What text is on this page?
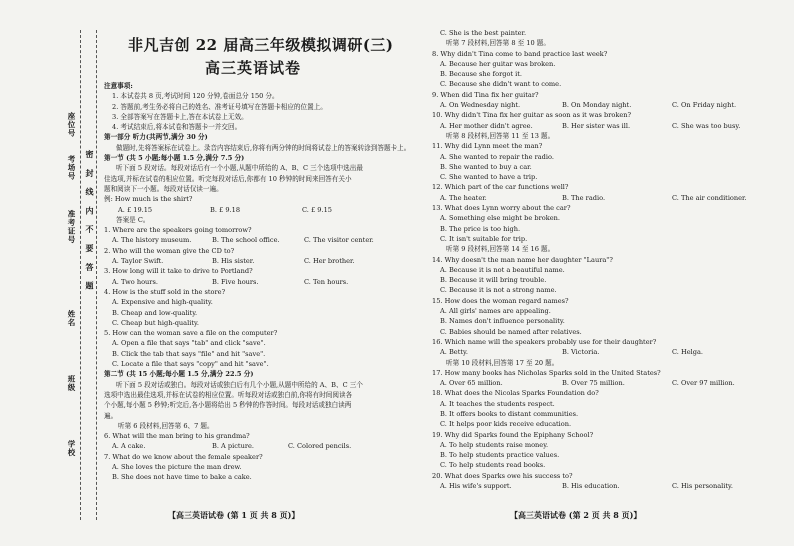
座位号
考场号
准考证号
姓名
班级
学校
密 封 线 内 不 要 答 题
非凡吉创 22 届高三年级模拟调研(三)
高三英语试卷
注意事项:
1. 本试卷共 8 页,考试时间 120 分钟,卷面总分 150 分。
2. 答题前,考生务必将自己的姓名、准考证号填写在答题卡相应的位置上。
3. 全部答案写在答题卡上,答在本试卷上无效。
4. 考试结束后,将本试卷和答题卡一并交回。
第一部分 听力(共两节,满分 30 分)
做题时,先将答案标在试卷上。录音内容结束后,你将有两分钟的时间将试卷上的答案转涂到答题卡上。
第一节 (共 5 小题;每小题 1.5 分,满分 7.5 分)
听下面 5 段对话。每段对话后有一个小题,从题中所给的 A、B、C 三个选项中选出最
佳选项,并标在试卷的相应位置。听完每段对话后,你都有 10 秒钟的时间来回答有关小
题和阅读下一小题。每段对话仅读一遍。
例: How much is the shirt?
A. £ 19.15	B. £ 9.18	C. £ 9.15
答案是 C。
1. Where are the speakers going tomorrow?
A. The history museum.	B. The school office.	C. The visitor center.
2. Who will the woman give the CD to?
A. Taylor Swift.	B. His sister.	C. Her brother.
3. How long will it take to drive to Portland?
A. Two hours.	B. Five hours.	C. Ten hours.
4. How is the stuff sold in the store?
A. Expensive and high-quality.
B. Cheap and low-quality.
C. Cheap but high-quality.
5. How can the woman save a file on the computer?
A. Open a file that says "tab" and click "save".
B. Click the tab that says "file" and hit "save".
C. Locate a file that says "copy" and hit "save".
第二节 (共 15 小题;每小题 1.5 分,满分 22.5 分)
听下面 5 段对话或独白。每段对话或独白后有几个小题,从题中所给的 A、B、C 三个
选项中选出最佳选项,并标在试卷的相应位置。听每段对话或独白前,你将有时间阅读各
个小题,每小题 5 秒钟;听完后,各小题将给出 5 秒钟的作答时间。每段对话或独白读两
遍。
听第 6 段材料,回答第 6、7 题。
6. What will the man bring to his grandma?
A. A cake.	B. A picture.	C. Colored pencils.
7. What do we know about the female speaker?
A. She loves the picture the man drew.
B. She does not have time to bake a cake.
C. She is the best painter.
听第 7 段材料,回答第 8 至 10 题。
8. Why didn't Tina come to band practice last week?
A. Because her guitar was broken.
B. Because she forgot it.
C. Because she didn't want to come.
9. When did Tina fix her guitar?
A. On Wednesday night.	B. On Monday night.	C. On Friday night.
10. Why didn't Tina fix her guitar as soon as it was broken?
A. Her mother didn't agree.	B. Her sister was ill.	C. She was too busy.
听第 8 段材料,回答第 11 至 13 题。
11. Why did Lynn meet the man?
A. She wanted to repair the radio.
B. She wanted to buy a car.
C. She wanted to have a trip.
12. Which part of the car functions well?
A. The heater.	B. The radio.	C. The air conditioner.
13. What does Lynn worry about the car?
A. Something else might be broken.
B. The price is too high.
C. It isn't suitable for trip.
听第 9 段材料,回答第 14 至 16 题。
14. Why doesn't the man name her daughter "Laura"?
A. Because it is not a beautiful name.
B. Because it will bring trouble.
C. Because it is not a strong name.
15. How does the woman regard names?
A. All girls' names are appealing.
B. Names don't influence personality.
C. Babies should be named after relatives.
16. Which name will the speakers probably use for their daughter?
A. Betty.	B. Victoria.	C. Helga.
听第 10 段材料,回答第 17 至 20 题。
17. How many books has Nicholas Sparks sold in the United States?
A. Over 65 million.	B. Over 75 million.	C. Over 97 million.
18. What does the Nicolas Sparks Foundation do?
A. It teaches the students respect.
B. It offers books to distant communities.
C. It helps poor kids receive education.
19. Why did Sparks found the Epiphany School?
A. To help students raise money.
B. To help students practice values.
C. To help students read books.
20. What does Sparks owe his success to?
A. His wife's support.	B. His education.	C. His personality.
【高三英语试卷 (第 1 页 共 8 页)】	【高三英语试卷 (第 2 页 共 8 页)】
